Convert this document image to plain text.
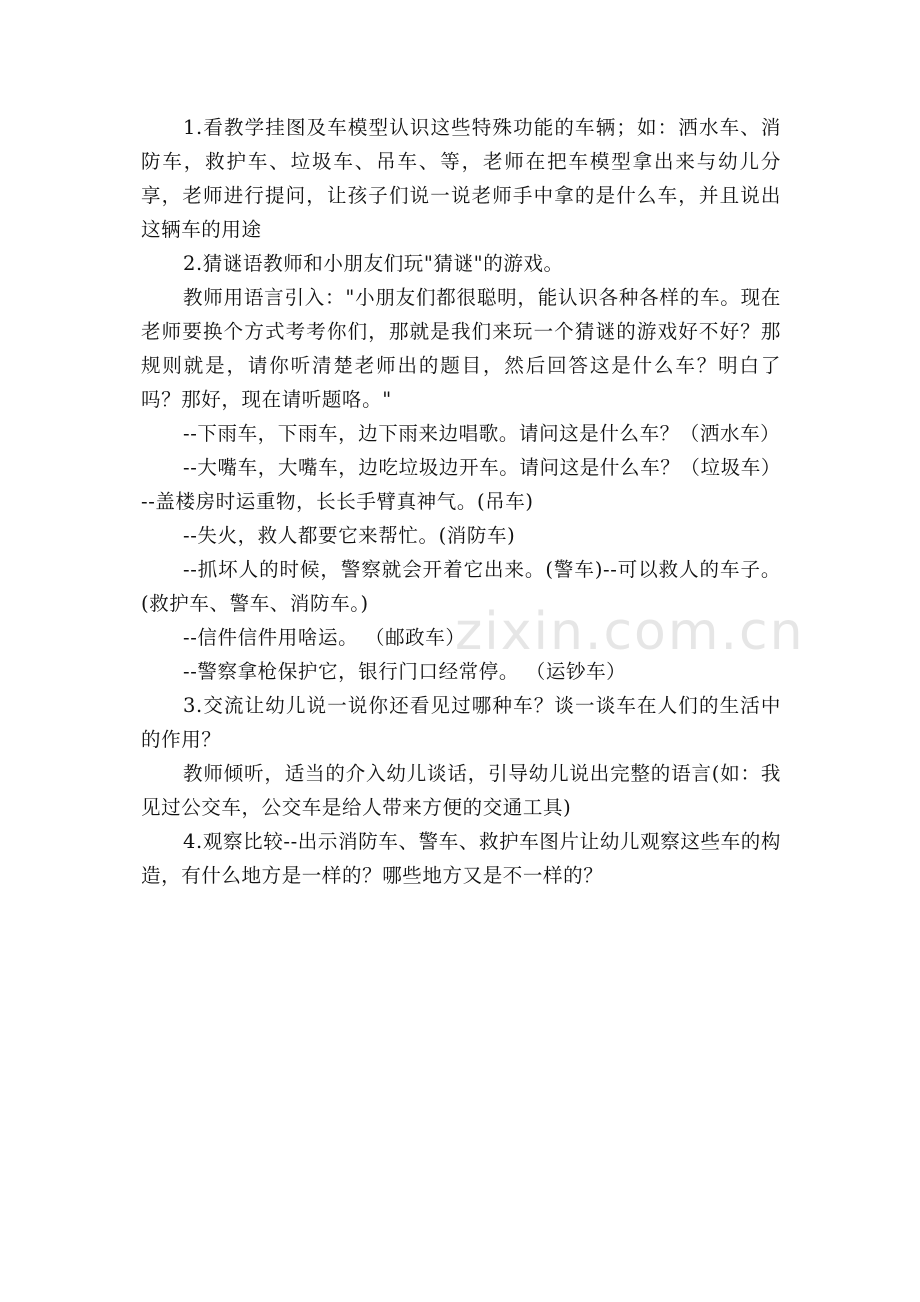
zixin.com.cn

1.看教学挂图及车模型认识这些特殊功能的车辆；如：洒水车、消防车，救护车、垃圾车、吊车、等，老师在把车模型拿出来与幼儿分享，老师进行提问，让孩子们说一说老师手中拿的是什么车，并且说出这辆车的用途

2.猜谜语教师和小朋友们玩"猜谜"的游戏。

教师用语言引入："小朋友们都很聪明，能认识各种各样的车。现在老师要换个方式考考你们，那就是我们来玩一个猜谜的游戏好不好？那规则就是，请你听清楚老师出的题目，然后回答这是什么车？明白了吗？那好，现在请听题咯。"

--下雨车，下雨车，边下雨来边唱歌。请问这是什么车？（洒水车）

--大嘴车，大嘴车，边吃垃圾边开车。请问这是什么车？（垃圾车）                --盖楼房时运重物，长长手臂真神气。(吊车)

--失火，救人都要它来帮忙。(消防车)

--抓坏人的时候，警察就会开着它出来。(警车)--可以救人的车子。(救护车、警车、消防车。)

--信件信件用啥运。 （邮政车）

--警察拿枪保护它，银行门口经常停。 （运钞车）

3.交流让幼儿说一说你还看见过哪种车？谈一谈车在人们的生活中的作用？

教师倾听，适当的介入幼儿谈话，引导幼儿说出完整的语言(如：我见过公交车，公交车是给人带来方便的交通工具)

4.观察比较--出示消防车、警车、救护车图片让幼儿观察这些车的构造，有什么地方是一样的？哪些地方又是不一样的？
